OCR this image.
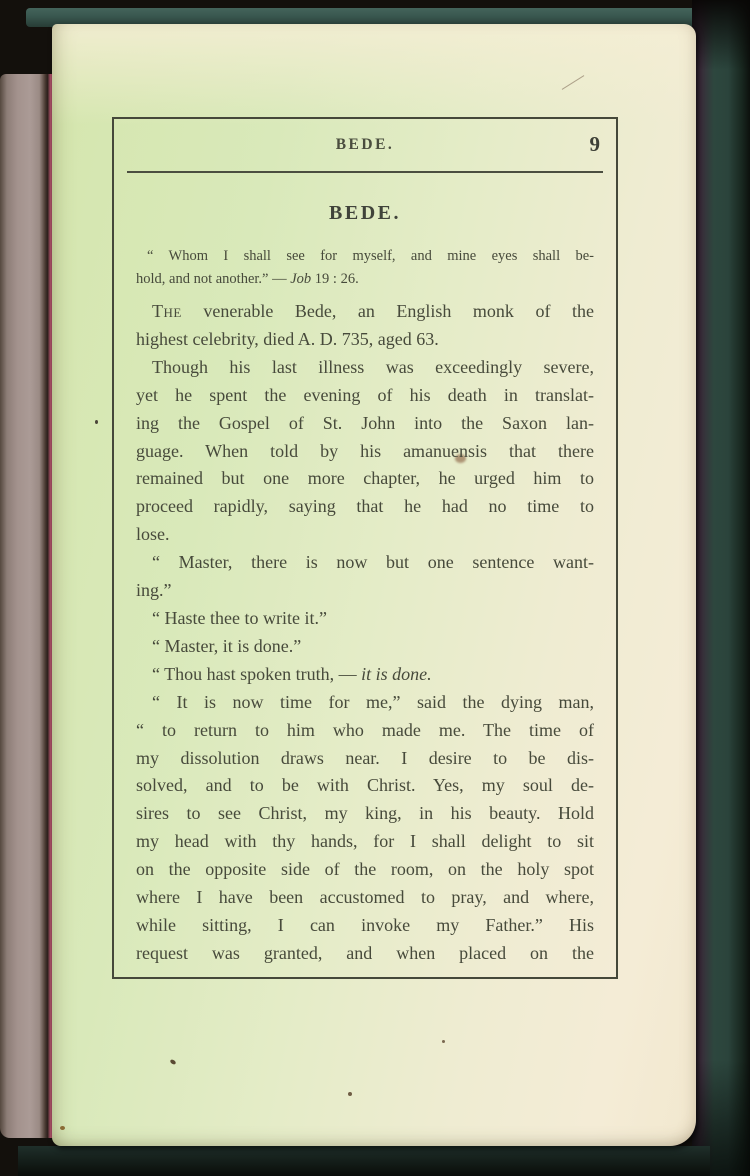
BEDE.	9
BEDE.
“ Whom I shall see for myself, and mine eyes shall be-
hold, and not another.” — Job 19 : 26.
The venerable Bede, an English monk of the
highest celebrity, died A. D. 735, aged 63.
Though his last illness was exceedingly severe,
yet he spent the evening of his death in translat-
ing the Gospel of St. John into the Saxon lan-
guage. When told by his amanuensis that there
remained but one more chapter, he urged him to
proceed rapidly, saying that he had no time to
lose.
“ Master, there is now but one sentence want-
ing.”
“ Haste thee to write it.”
“ Master, it is done.”
“ Thou hast spoken truth, — it is done.
“ It is now time for me,” said the dying man,
“ to return to him who made me. The time of
my dissolution draws near. I desire to be dis-
solved, and to be with Christ. Yes, my soul de-
sires to see Christ, my king, in his beauty. Hold
my head with thy hands, for I shall delight to sit
on the opposite side of the room, on the holy spot
where I have been accustomed to pray, and where,
while sitting, I can invoke my Father.” His
request was granted, and when placed on the
